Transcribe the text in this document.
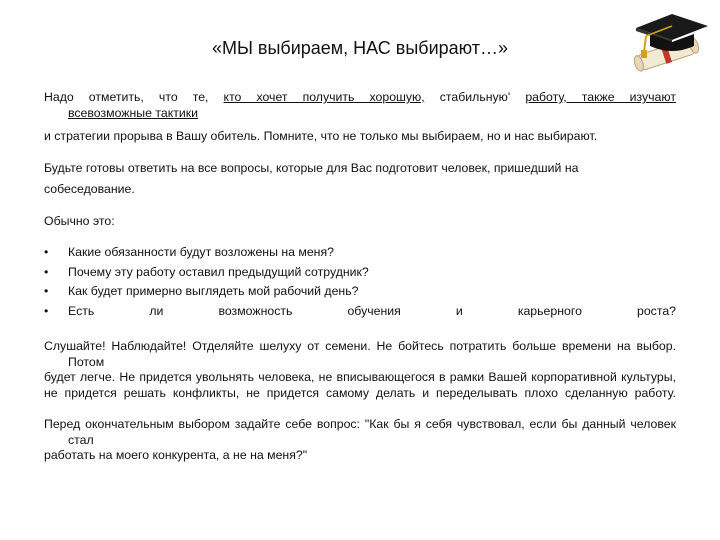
«МЫ выбираем, НАС выбирают…»

Надо отметить, что те, кто хочет получить хорошую, стабильную' работу, также изучают

всевозможные тактики

и стратегии прорыва в Вашу обитель. Помните, что не только мы выбираем, но и нас выбирают.

Будьте готовы ответить на все вопросы, которые для Вас подготовит человек, пришедший на

собеседование.

Обычно это:

• Какие обязанности будут возложены на меня?
• Почему эту работу оставил предыдущий сотрудник?
• Как будет примерно выглядеть мой рабочий день?
• Есть ли возможность обучения и карьерного роста?

Слушайте! Наблюдайте! Отделяйте шелуху от семени. Не бойтесь потратить больше времени на выбор. Потом

будет легче. Не придется увольнять человека, не вписывающегося в рамки Вашей корпоративной культуры,

не придется решать конфликты, не придется самому делать и переделывать плохо сделанную работу.

Перед окончательным выбором задайте себе вопрос: "Как бы я себя чувствовал, если бы данный человек стал

работать на моего конкурента, а не на меня?"
